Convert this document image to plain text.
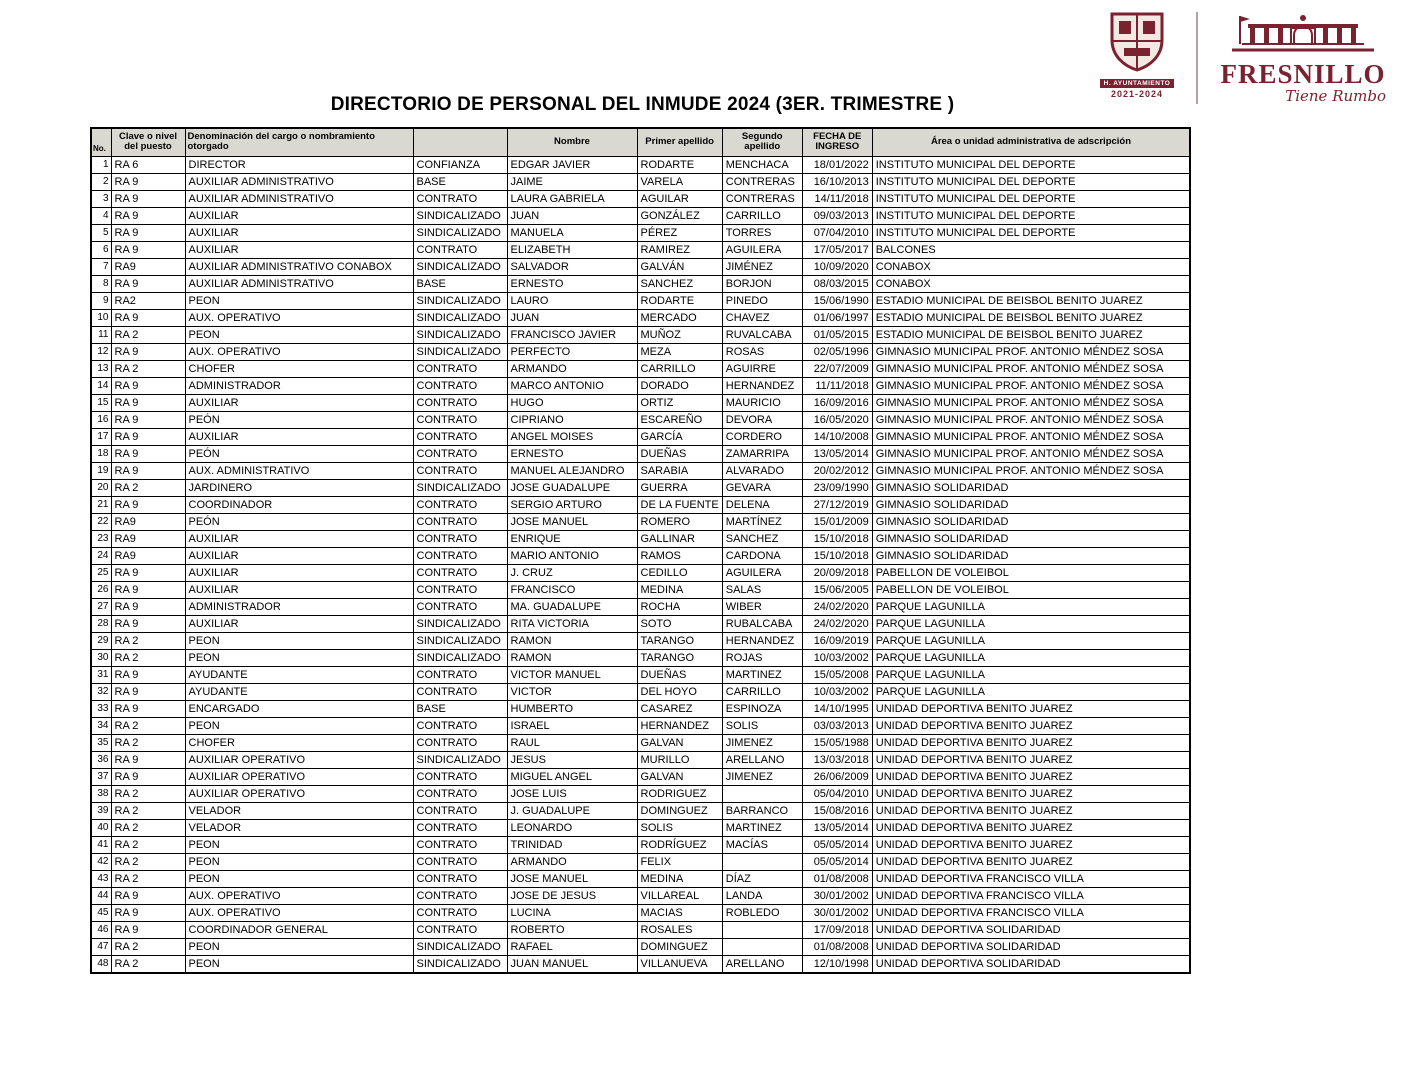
H. AYUNTAMIENTO
2021-2024
FRESNILLO
Tiene Rumbo
DIRECTORIO DE PERSONAL DEL INMUDE 2024 (3ER. TRIMESTRE )
No.	Clave o nivel del puesto	Denominación del cargo o nombramiento otorgado		Nombre	Primer apellido	Segundo apellido	FECHA DE INGRESO	Área o unidad administrativa de adscripción
1	RA 6	DIRECTOR	CONFIANZA	EDGAR JAVIER	RODARTE	MENCHACA	18/01/2022	INSTITUTO MUNICIPAL DEL DEPORTE
2	RA 9	AUXILIAR ADMINISTRATIVO	BASE	JAIME	VARELA	CONTRERAS	16/10/2013	INSTITUTO MUNICIPAL DEL DEPORTE
3	RA 9	AUXILIAR ADMINISTRATIVO	CONTRATO	LAURA GABRIELA	AGUILAR	CONTRERAS	14/11/2018	INSTITUTO MUNICIPAL DEL DEPORTE
4	RA 9	AUXILIAR	SINDICALIZADO	JUAN	GONZÁLEZ	CARRILLO	09/03/2013	INSTITUTO MUNICIPAL DEL DEPORTE
5	RA 9	AUXILIAR	SINDICALIZADO	MANUELA	PÉREZ	TORRES	07/04/2010	INSTITUTO MUNICIPAL DEL DEPORTE
6	RA 9	AUXILIAR	CONTRATO	ELIZABETH	RAMIREZ	AGUILERA	17/05/2017	BALCONES
7	RA9	AUXILIAR ADMINISTRATIVO CONABOX	SINDICALIZADO	SALVADOR	GALVÁN	JIMÉNEZ	10/09/2020	CONABOX
8	RA 9	AUXILIAR ADMINISTRATIVO	BASE	ERNESTO	SANCHEZ	BORJON	08/03/2015	CONABOX
9	RA2	PEON	SINDICALIZADO	LAURO	RODARTE	PINEDO	15/06/1990	ESTADIO MUNICIPAL DE BEISBOL BENITO JUAREZ
10	RA 9	AUX. OPERATIVO	SINDICALIZADO	JUAN	MERCADO	CHAVEZ	01/06/1997	ESTADIO MUNICIPAL DE BEISBOL BENITO JUAREZ
11	RA 2	PEON	SINDICALIZADO	FRANCISCO JAVIER	MUÑOZ	RUVALCABA	01/05/2015	ESTADIO MUNICIPAL DE BEISBOL BENITO JUAREZ
12	RA 9	AUX. OPERATIVO	SINDICALIZADO	PERFECTO	MEZA	ROSAS	02/05/1996	GIMNASIO MUNICIPAL PROF. ANTONIO MÉNDEZ SOSA
13	RA 2	CHOFER	CONTRATO	ARMANDO	CARRILLO	AGUIRRE	22/07/2009	GIMNASIO MUNICIPAL PROF. ANTONIO MÉNDEZ SOSA
14	RA 9	ADMINISTRADOR	CONTRATO	MARCO ANTONIO	DORADO	HERNANDEZ	11/11/2018	GIMNASIO MUNICIPAL PROF. ANTONIO MÉNDEZ SOSA
15	RA 9	AUXILIAR	CONTRATO	HUGO	ORTIZ	MAURICIO	16/09/2016	GIMNASIO MUNICIPAL PROF. ANTONIO MÉNDEZ SOSA
16	RA 9	PEÓN	CONTRATO	CIPRIANO	ESCAREÑO	DEVORA	16/05/2020	GIMNASIO MUNICIPAL PROF. ANTONIO MÉNDEZ SOSA
17	RA 9	AUXILIAR	CONTRATO	ANGEL MOISES	GARCÍA	CORDERO	14/10/2008	GIMNASIO MUNICIPAL PROF. ANTONIO MÉNDEZ SOSA
18	RA 9	PEÓN	CONTRATO	ERNESTO	DUEÑAS	ZAMARRIPA	13/05/2014	GIMNASIO MUNICIPAL PROF. ANTONIO MÉNDEZ SOSA
19	RA 9	AUX. ADMINISTRATIVO	CONTRATO	MANUEL ALEJANDRO	SARABIA	ALVARADO	20/02/2012	GIMNASIO MUNICIPAL PROF. ANTONIO MÉNDEZ SOSA
20	RA 2	JARDINERO	SINDICALIZADO	JOSE GUADALUPE	GUERRA	GEVARA	23/09/1990	GIMNASIO SOLIDARIDAD
21	RA 9	COORDINADOR	CONTRATO	SERGIO ARTURO	DE LA FUENTE	DELENA	27/12/2019	GIMNASIO SOLIDARIDAD
22	RA9	PEÓN	CONTRATO	JOSE MANUEL	ROMERO	MARTÍNEZ	15/01/2009	GIMNASIO SOLIDARIDAD
23	RA9	AUXILIAR	CONTRATO	ENRIQUE	GALLINAR	SANCHEZ	15/10/2018	GIMNASIO SOLIDARIDAD
24	RA9	AUXILIAR	CONTRATO	MARIO ANTONIO	RAMOS	CARDONA	15/10/2018	GIMNASIO SOLIDARIDAD
25	RA 9	AUXILIAR	CONTRATO	J. CRUZ	CEDILLO	AGUILERA	20/09/2018	PABELLON DE VOLEIBOL
26	RA 9	AUXILIAR	CONTRATO	FRANCISCO	MEDINA	SALAS	15/06/2005	PABELLON DE VOLEIBOL
27	RA 9	ADMINISTRADOR	CONTRATO	MA. GUADALUPE	ROCHA	WIBER	24/02/2020	PARQUE LAGUNILLA
28	RA 9	AUXILIAR	SINDICALIZADO	RITA VICTORIA	SOTO	RUBALCABA	24/02/2020	PARQUE LAGUNILLA
29	RA 2	PEON	SINDICALIZADO	RAMON	TARANGO	HERNANDEZ	16/09/2019	PARQUE LAGUNILLA
30	RA 2	PEON	SINDICALIZADO	RAMON	TARANGO	ROJAS	10/03/2002	PARQUE LAGUNILLA
31	RA 9	AYUDANTE	CONTRATO	VICTOR MANUEL	DUEÑAS	MARTINEZ	15/05/2008	PARQUE LAGUNILLA
32	RA 9	AYUDANTE	CONTRATO	VICTOR	DEL HOYO	CARRILLO	10/03/2002	PARQUE LAGUNILLA
33	RA 9	ENCARGADO	BASE	HUMBERTO	CASAREZ	ESPINOZA	14/10/1995	UNIDAD DEPORTIVA BENITO JUAREZ
34	RA 2	PEON	CONTRATO	ISRAEL	HERNANDEZ	SOLIS	03/03/2013	UNIDAD DEPORTIVA BENITO JUAREZ
35	RA 2	CHOFER	CONTRATO	RAUL	GALVAN	JIMENEZ	15/05/1988	UNIDAD DEPORTIVA BENITO JUAREZ
36	RA 9	AUXILIAR OPERATIVO	SINDICALIZADO	JESUS	MURILLO	ARELLANO	13/03/2018	UNIDAD DEPORTIVA BENITO JUAREZ
37	RA 9	AUXILIAR OPERATIVO	CONTRATO	MIGUEL ANGEL	GALVAN	JIMENEZ	26/06/2009	UNIDAD DEPORTIVA BENITO JUAREZ
38	RA 2	AUXILIAR OPERATIVO	CONTRATO	JOSE LUIS	RODRIGUEZ		05/04/2010	UNIDAD DEPORTIVA BENITO JUAREZ
39	RA 2	VELADOR	CONTRATO	J. GUADALUPE	DOMINGUEZ	BARRANCO	15/08/2016	UNIDAD DEPORTIVA BENITO JUAREZ
40	RA 2	VELADOR	CONTRATO	LEONARDO	SOLIS	MARTINEZ	13/05/2014	UNIDAD DEPORTIVA BENITO JUAREZ
41	RA 2	PEON	CONTRATO	TRINIDAD	RODRÍGUEZ	MACÍAS	05/05/2014	UNIDAD DEPORTIVA BENITO JUAREZ
42	RA 2	PEON	CONTRATO	ARMANDO	FELIX		05/05/2014	UNIDAD DEPORTIVA BENITO JUAREZ
43	RA 2	PEON	CONTRATO	JOSE MANUEL	MEDINA	DÍAZ	01/08/2008	UNIDAD DEPORTIVA FRANCISCO VILLA
44	RA 9	AUX. OPERATIVO	CONTRATO	JOSE DE JESUS	VILLAREAL	LANDA	30/01/2002	UNIDAD DEPORTIVA FRANCISCO VILLA
45	RA 9	AUX. OPERATIVO	CONTRATO	LUCINA	MACIAS	ROBLEDO	30/01/2002	UNIDAD DEPORTIVA FRANCISCO VILLA
46	RA 9	COORDINADOR GENERAL	CONTRATO	ROBERTO	ROSALES		17/09/2018	UNIDAD DEPORTIVA SOLIDARIDAD
47	RA 2	PEON	SINDICALIZADO	RAFAEL	DOMINGUEZ		01/08/2008	UNIDAD DEPORTIVA SOLIDARIDAD
48	RA 2	PEON	SINDICALIZADO	JUAN MANUEL	VILLANUEVA	ARELLANO	12/10/1998	UNIDAD DEPORTIVA SOLIDARIDAD
